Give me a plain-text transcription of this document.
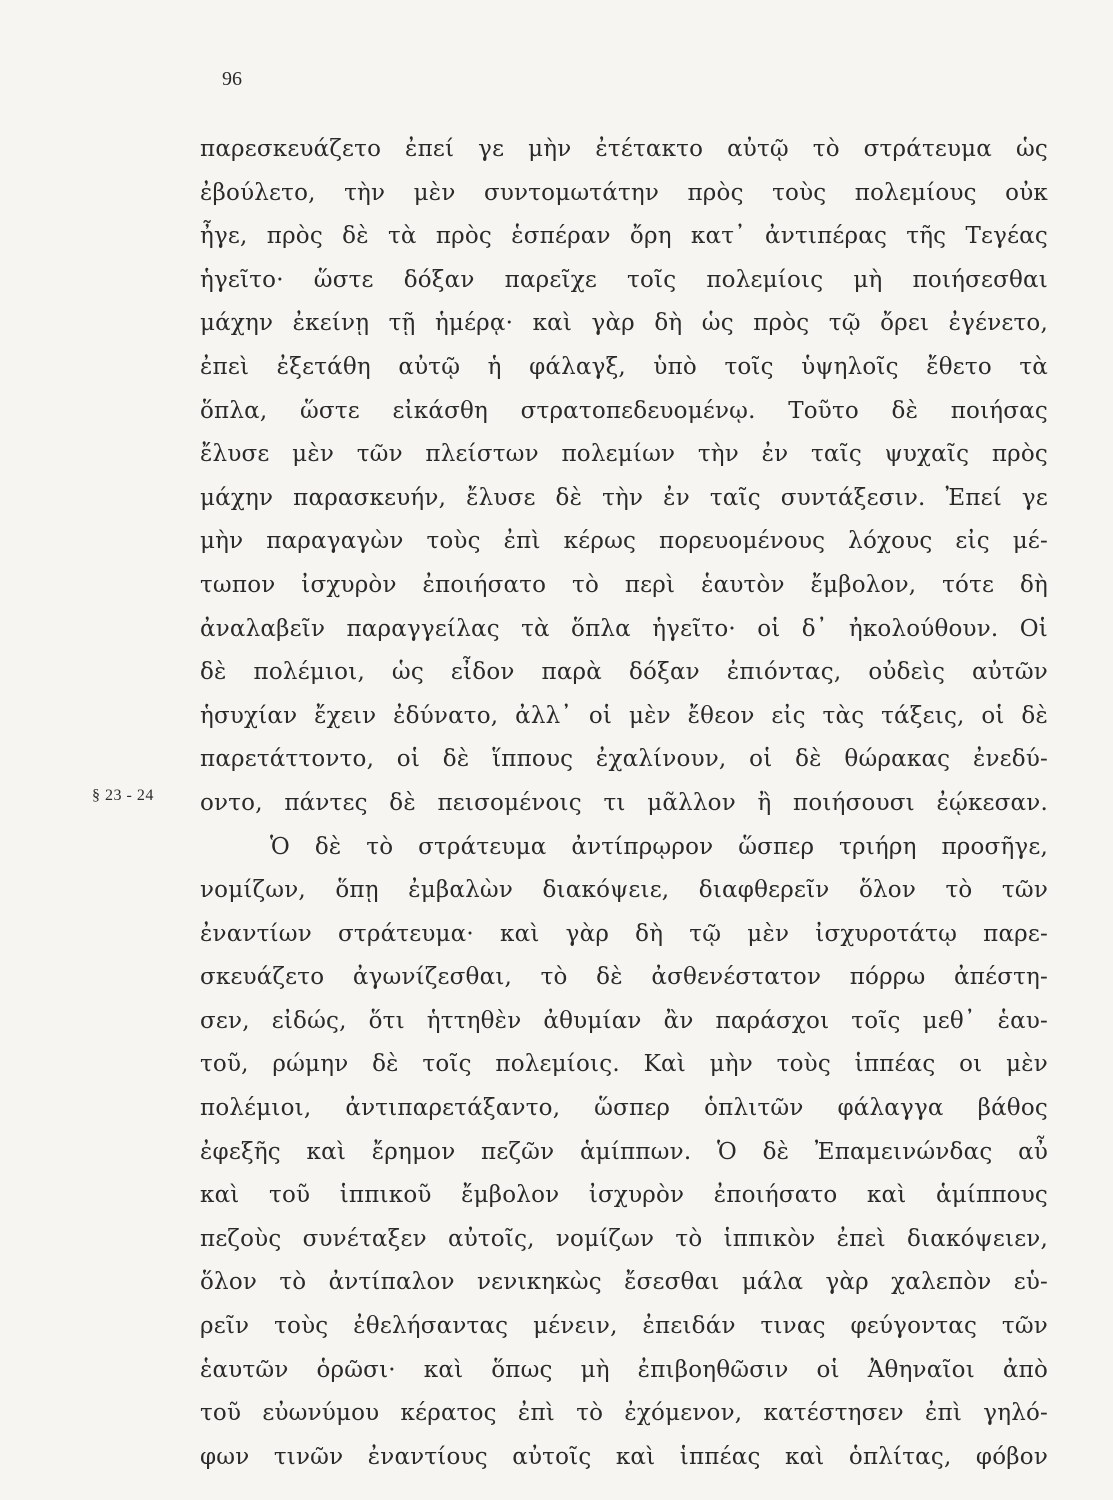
96
§ 23 - 24
παρεσκευάζετο ἐπεί γε μὴν ἐτέτακτο αὐτῷ τὸ στράτευμα ὡς
ἐβούλετο, τὴν μὲν συντομωτάτην πρὸς τοὺς πολεμίους οὐκ
ἦγε, πρὸς δὲ τὰ πρὸς ἑσπέραν ὄρη κατ᾿ ἀντιπέρας τῆς Τεγέας
ἡγεῖτο· ὥστε δόξαν παρεῖχε τοῖς πολεμίοις μὴ ποιήσεσθαι
μάχην ἐκείνῃ τῇ ἡμέρᾳ· καὶ γὰρ δὴ ὡς πρὸς τῷ ὄρει ἐγένετο,
ἐπεὶ ἐξετάθη αὐτῷ ἡ φάλαγξ, ὑπὸ τοῖς ὑψηλοῖς ἔθετο τὰ
ὅπλα, ὥστε εἰκάσθη στρατοπεδευομένῳ. Τοῦτο δὲ ποιήσας
ἔλυσε μὲν τῶν πλείστων πολεμίων τὴν ἐν ταῖς ψυχαῖς πρὸς
μάχην παρασκευήν, ἔλυσε δὲ τὴν ἐν ταῖς συντάξεσιν. Ἐπεί γε
μὴν παραγαγὼν τοὺς ἐπὶ κέρως πορευομένους λόχους εἰς μέ-
τωπον ἰσχυρὸν ἐποιήσατο τὸ περὶ ἑαυτὸν ἔμβολον, τότε δὴ
ἀναλαβεῖν παραγγείλας τὰ ὅπλα ἡγεῖτο· οἱ δ᾿ ἠκολούθουν. Οἱ
δὲ πολέμιοι, ὡς εἶδον παρὰ δόξαν ἐπιόντας, οὐδεὶς αὐτῶν
ἡσυχίαν ἔχειν ἐδύνατο, ἀλλ᾿ οἱ μὲν ἔθεον εἰς τὰς τάξεις, οἱ δὲ
παρετάττοντο, οἱ δὲ ἵππους ἐχαλίνουν, οἱ δὲ θώρακας ἐνεδύ-
οντο, πάντες δὲ πεισομένοις τι μᾶλλον ἢ ποιήσουσι ἐῴκεσαν.
Ὁ δὲ τὸ στράτευμα ἀντίπρῳρον ὥσπερ τριήρη προσῆγε,
νομίζων, ὅπῃ ἐμβαλὼν διακόψειε, διαφθερεῖν ὅλον τὸ τῶν
ἐναντίων στράτευμα· καὶ γὰρ δὴ τῷ μὲν ἰσχυροτάτῳ παρε-
σκευάζετο ἀγωνίζεσθαι, τὸ δὲ ἀσθενέστατον πόρρω ἀπέστη-
σεν, εἰδώς, ὅτι ἡττηθὲν ἀθυμίαν ἂν παράσχοι τοῖς μεθ᾿ ἑαυ-
τοῦ, ρώμην δὲ τοῖς πολεμίοις. Καὶ μὴν τοὺς ἱππέας οι μὲν
πολέμιοι, ἀντιπαρετάξαντο, ὥσπερ ὁπλιτῶν φάλαγγα βάθος
ἐφεξῆς καὶ ἔρημον πεζῶν ἁμίππων. Ὁ δὲ Ἐπαμεινώνδας αὖ
καὶ τοῦ ἱππικοῦ ἔμβολον ἰσχυρὸν ἐποιήσατο καὶ ἁμίππους
πεζοὺς συνέταξεν αὐτοῖς, νομίζων τὸ ἱππικὸν ἐπεὶ διακόψειεν,
ὅλον τὸ ἀντίπαλον νενικηκὼς ἔσεσθαι μάλα γὰρ χαλεπὸν εὑ-
ρεῖν τοὺς ἐθελήσαντας μένειν, ἐπειδάν τινας φεύγοντας τῶν
ἑαυτῶν ὁρῶσι· καὶ ὅπως μὴ ἐπιβοηθῶσιν οἱ Ἀθηναῖοι ἀπὸ
τοῦ εὐωνύμου κέρατος ἐπὶ τὸ ἐχόμενον, κατέστησεν ἐπὶ γηλό-
φων τινῶν ἐναντίους αὐτοῖς καὶ ἱππέας καὶ ὁπλίτας, φόβον
